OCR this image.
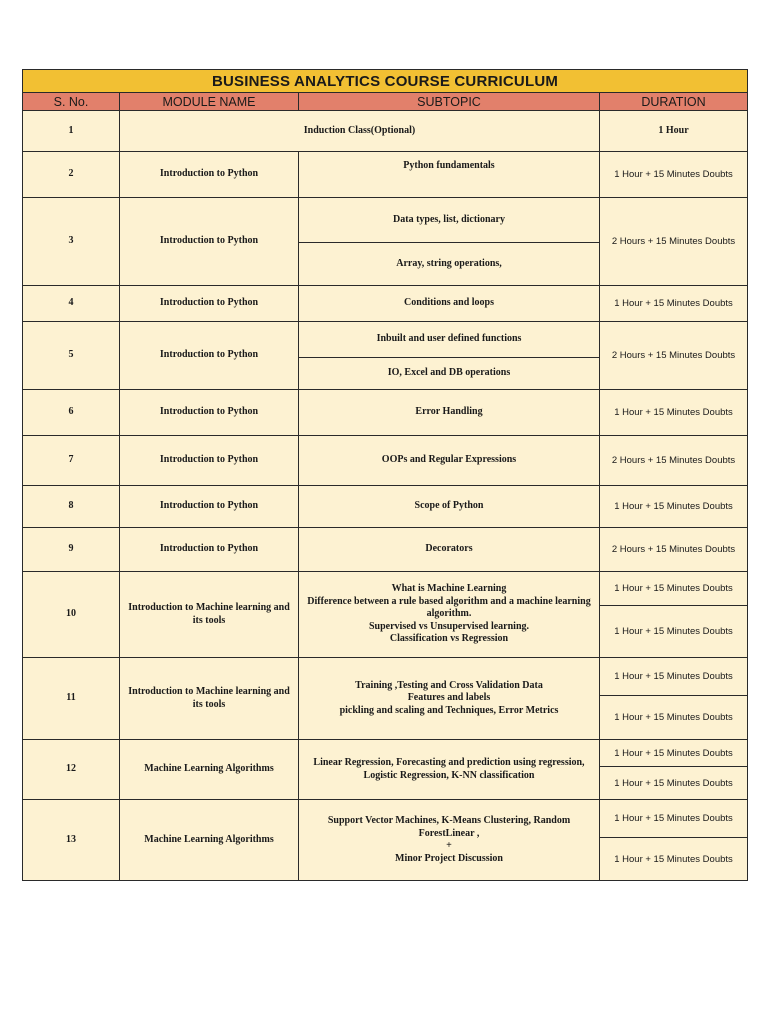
BUSINESS ANALYTICS COURSE CURRICULUM			
S. No.	MODULE NAME	SUBTOPIC	DURATION
1	Induction Class(Optional)		1 Hour
2	Introduction to Python	Python fundamentals	1 Hour + 15 Minutes Doubts
3	Introduction to Python	Data types, list, dictionary	2 Hours + 15 Minutes Doubts
		Array, string operations,	
4	Introduction to Python	Conditions and loops	1 Hour + 15 Minutes Doubts
5	Introduction to Python	Inbuilt and user defined functions	2 Hours + 15 Minutes Doubts
		IO, Excel and DB operations	
6	Introduction to Python	Error Handling	1 Hour + 15 Minutes Doubts
7	Introduction to Python	OOPs and Regular Expressions	2 Hours + 15 Minutes Doubts
8	Introduction to Python	Scope of Python	1 Hour + 15 Minutes Doubts
9	Introduction to Python	Decorators	2 Hours + 15 Minutes Doubts
10	Introduction to Machine learning and
its tools	What is Machine Learning
Difference between a rule based algorithm and a machine learning
algorithm.
Supervised vs Unsupervised learning.
Classification vs Regression	1 Hour + 15 Minutes Doubts
			1 Hour + 15 Minutes Doubts
11	Introduction to Machine learning and
its tools	Training ,Testing and Cross Validation Data
Features and labels
pickling and scaling and Techniques, Error Metrics	1 Hour + 15 Minutes Doubts
			1 Hour + 15 Minutes Doubts
12	Machine Learning Algorithms	Linear Regression, Forecasting and prediction using regression,
Logistic Regression, K-NN classification	1 Hour + 15 Minutes Doubts
			1 Hour + 15 Minutes Doubts
13	Machine Learning Algorithms	Support Vector Machines, K-Means Clustering, Random
ForestLinear ,
+
Minor Project Discussion	1 Hour + 15 Minutes Doubts
			1 Hour + 15 Minutes Doubts
